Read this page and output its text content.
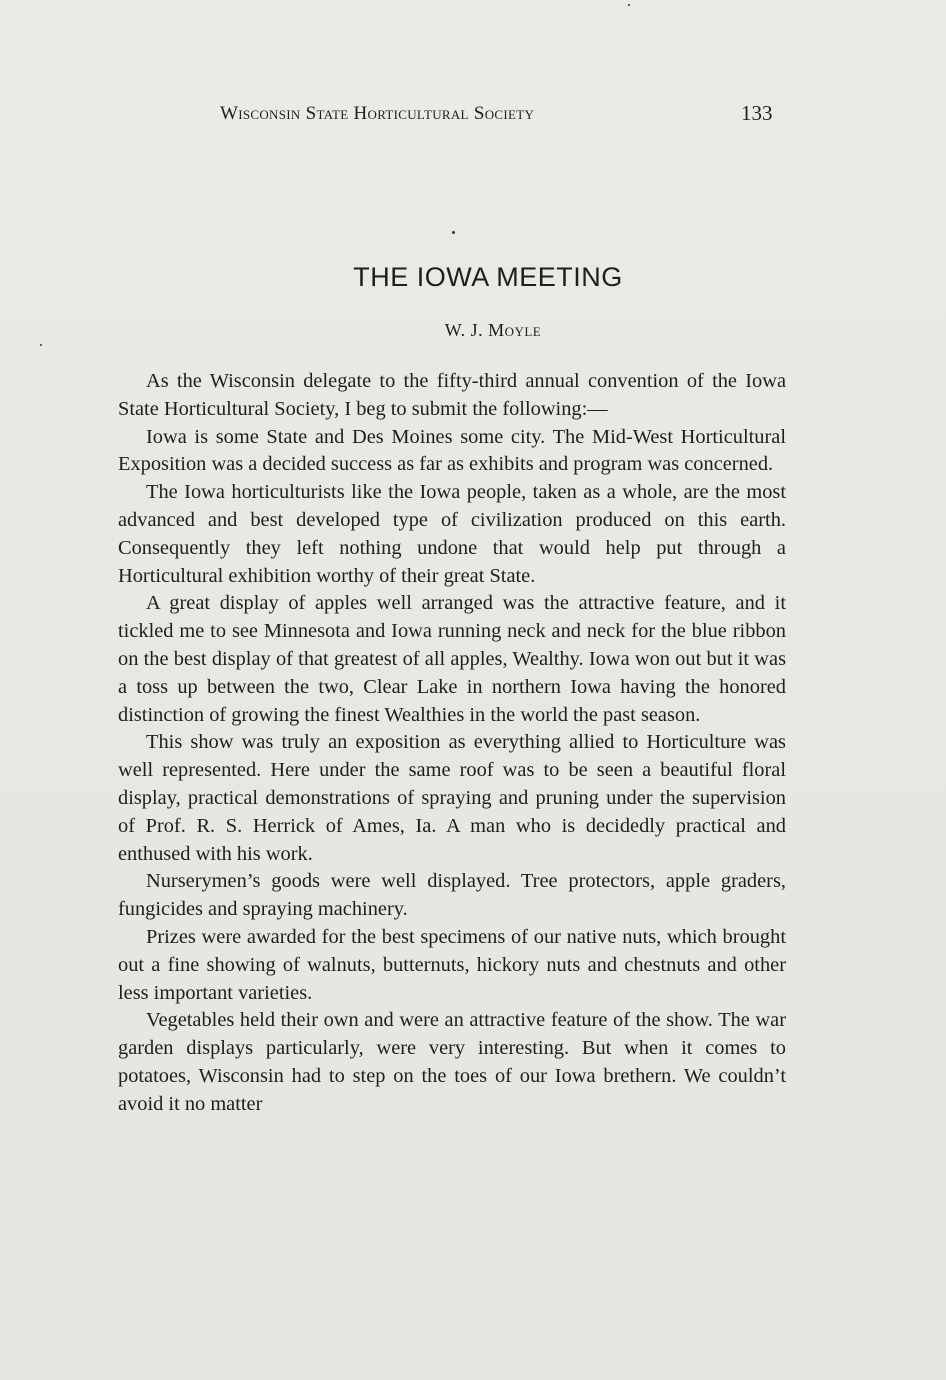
Wisconsin State Horticultural Society	133
THE IOWA MEETING
W. J. Moyle

As the Wisconsin delegate to the fifty-third annual convention of the Iowa State Horticultural Society, I beg to submit the following:—

Iowa is some State and Des Moines some city. The Mid-West Horticultural Exposition was a decided success as far as exhibits and program was concerned.

The Iowa horticulturists like the Iowa people, taken as a whole, are the most advanced and best developed type of civilization produced on this earth. Consequently they left nothing undone that would help put through a Horticultural exhibition worthy of their great State.

A great display of apples well arranged was the attractive feature, and it tickled me to see Minnesota and Iowa running neck and neck for the blue ribbon on the best display of that greatest of all apples, Wealthy. Iowa won out but it was a toss up between the two, Clear Lake in northern Iowa having the honored distinction of growing the finest Wealthies in the world the past season.

This show was truly an exposition as everything allied to Horticulture was well represented. Here under the same roof was to be seen a beautiful floral display, practical demonstrations of spraying and pruning under the supervision of Prof. R. S. Herrick of Ames, Ia. A man who is decidedly practical and enthused with his work.

Nurserymen’s goods were well displayed. Tree protectors, apple graders, fungicides and spraying machinery.

Prizes were awarded for the best specimens of our native nuts, which brought out a fine showing of walnuts, butternuts, hickory nuts and chestnuts and other less important varieties.

Vegetables held their own and were an attractive feature of the show. The war garden displays particularly, were very interesting. But when it comes to potatoes, Wisconsin had to step on the toes of our Iowa brethern. We couldn’t avoid it no matter
